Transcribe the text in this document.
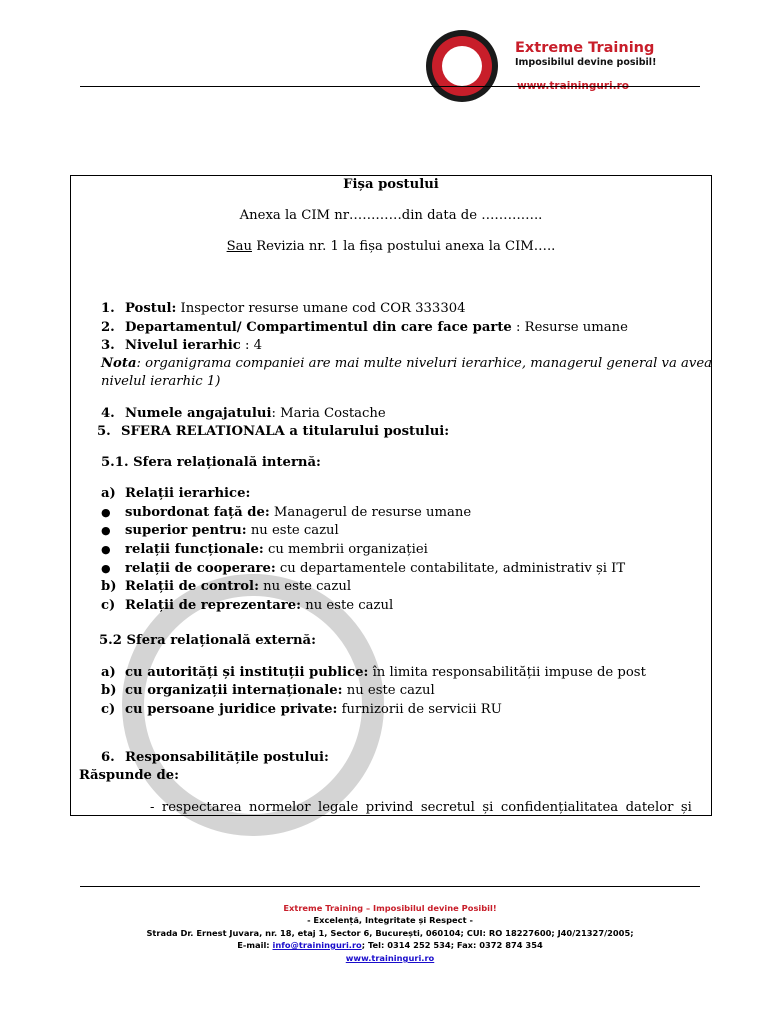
Extreme Training
Imposibilul devine posibil!
www.traininguri.ro
Fișa postului
Anexa la CIM nr…………din data de …………..
Sau Revizia nr. 1 la fișa postului anexa la CIM…..
1. Postul: Inspector resurse umane cod COR 333304
2. Departamentul/ Compartimentul din care face parte : Resurse umane
3. Nivelul ierarhic : 4
Nota: organigrama companiei are mai multe niveluri ierarhice, managerul general va avea
nivelul ierarhic 1)
4. Numele angajatului: Maria Costache
5. SFERA RELATIONALA a titularului postului:
5.1. Sfera relațională internă:
a) Relații ierarhice:
● subordonat față de: Managerul de resurse umane
● superior pentru: nu este cazul
● relații funcționale: cu membrii organizației
● relații de cooperare: cu departamentele contabilitate, administrativ și IT
b) Relații de control: nu este cazul
c) Relații de reprezentare: nu este cazul
5.2 Sfera relațională externă:
a) cu autorități și instituții publice: în limita responsabilității impuse de post
b) cu organizații internaționale: nu este cazul
c) cu persoane juridice private: furnizorii de servicii RU
6. Responsabilitățile postului:
Răspunde de:
- respectarea normelor legale privind secretul și confidențialitatea datelor și
Extreme Training – Imposibilul devine Posibil!
- Excelență, Integritate și Respect -
Strada Dr. Ernest Juvara, nr. 18, etaj 1, Sector 6, București, 060104; CUI: RO 18227600; J40/21327/2005;
E-mail: info@traininguri.ro; Tel: 0314 252 534; Fax: 0372 874 354
www.traininguri.ro
